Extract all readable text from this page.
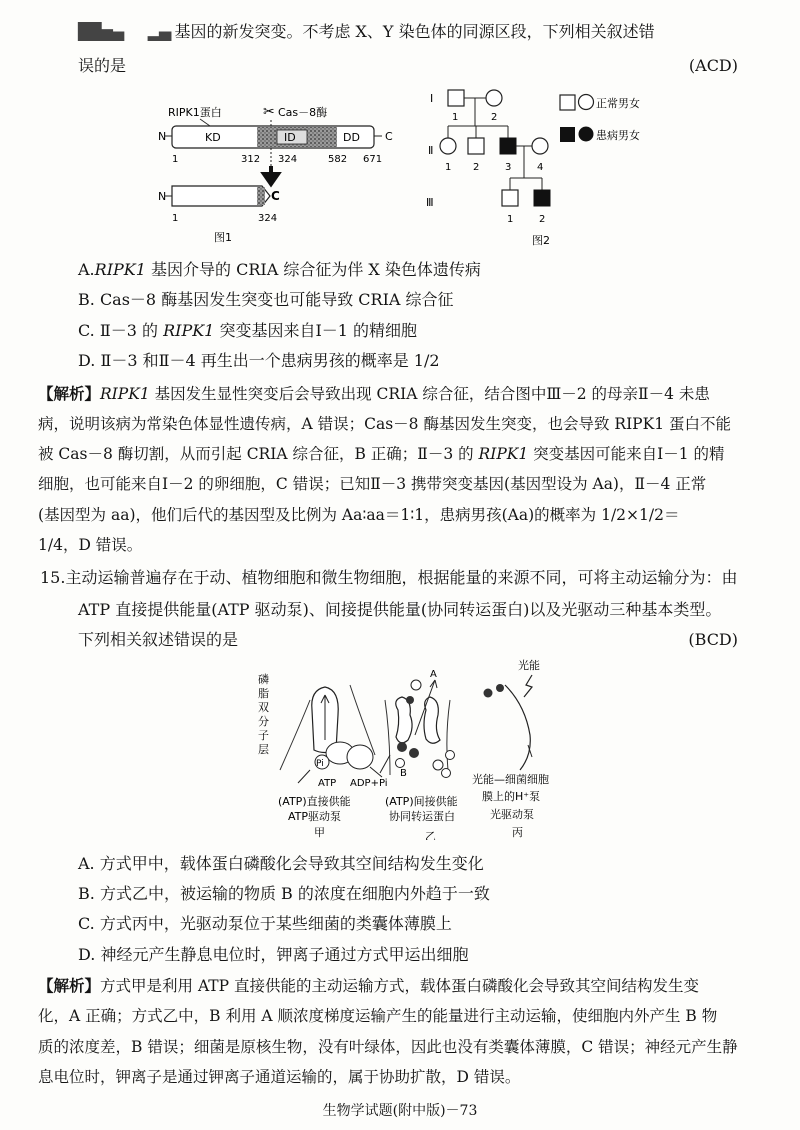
██▅▄      ▂▄ 基因的新发突变。不考虑 X、Y 染色体的同源区段，下列相关叙述错
误的是	(ACD)
RIPK1蛋白	✂ Cas－8酶
N	KD	ID	DD C
1	312 324	582 671
N	C
1	324
图1
Ⅰ
Ⅱ
Ⅲ
1	2
1 2	3	4
1	2
图2
正常男女
患病男女
A.RIPK1 基因介导的 CRIA 综合征为伴 X 染色体遗传病
B. Cas－8 酶基因发生突变也可能导致 CRIA 综合征
C. Ⅱ－3 的 RIPK1 突变基因来自Ⅰ－1 的精细胞
D. Ⅱ－3 和Ⅱ－4 再生出一个患病男孩的概率是 1/2
【解析】RIPK1 基因发生显性突变后会导致出现 CRIA 综合征，结合图中Ⅲ－2 的母亲Ⅱ－4 未患
病，说明该病为常染色体显性遗传病，A 错误；Cas－8 酶基因发生突变，也会导致 RIPK1 蛋白不能
被 Cas－8 酶切割，从而引起 CRIA 综合征，B 正确；Ⅱ－3 的 RIPK1 突变基因可能来自Ⅰ－1 的精
细胞，也可能来自Ⅰ－2 的卵细胞，C 错误；已知Ⅱ－3 携带突变基因(基因型设为 Aa)，Ⅱ－4 正常
(基因型为 aa)，他们后代的基因型及比例为 Aa∶aa＝1∶1，患病男孩(Aa)的概率为 1/2×1/2＝
1/4，D 错误。
15.主动运输普遍存在于动、植物细胞和微生物细胞，根据能量的来源不同，可将主动运输分为：由
ATP 直接提供能量(ATP 驱动泵)、间接提供能量(协同转运蛋白)以及光驱动三种基本类型。
下列相关叙述错误的是	(BCD)
磷
脂
双
分
子
层
Pi
ATP ADP+Pi
A
B
光能
(ATP)直接供能
ATP驱动泵
甲
(ATP)间接供能
协同转运蛋白
乙
光能—细菌细胞
膜上的H⁺泵
光驱动泵
丙
A. 方式甲中，载体蛋白磷酸化会导致其空间结构发生变化
B. 方式乙中，被运输的物质 B 的浓度在细胞内外趋于一致
C. 方式丙中，光驱动泵位于某些细菌的类囊体薄膜上
D. 神经元产生静息电位时，钾离子通过方式甲运出细胞
【解析】方式甲是利用 ATP 直接供能的主动运输方式，载体蛋白磷酸化会导致其空间结构发生变
化，A 正确；方式乙中，B 利用 A 顺浓度梯度运输产生的能量进行主动运输，使细胞内外产生 B 物
质的浓度差，B 错误；细菌是原核生物，没有叶绿体，因此也没有类囊体薄膜，C 错误；神经元产生静
息电位时，钾离子是通过钾离子通道运输的，属于协助扩散，D 错误。
生物学试题(附中版)－73
